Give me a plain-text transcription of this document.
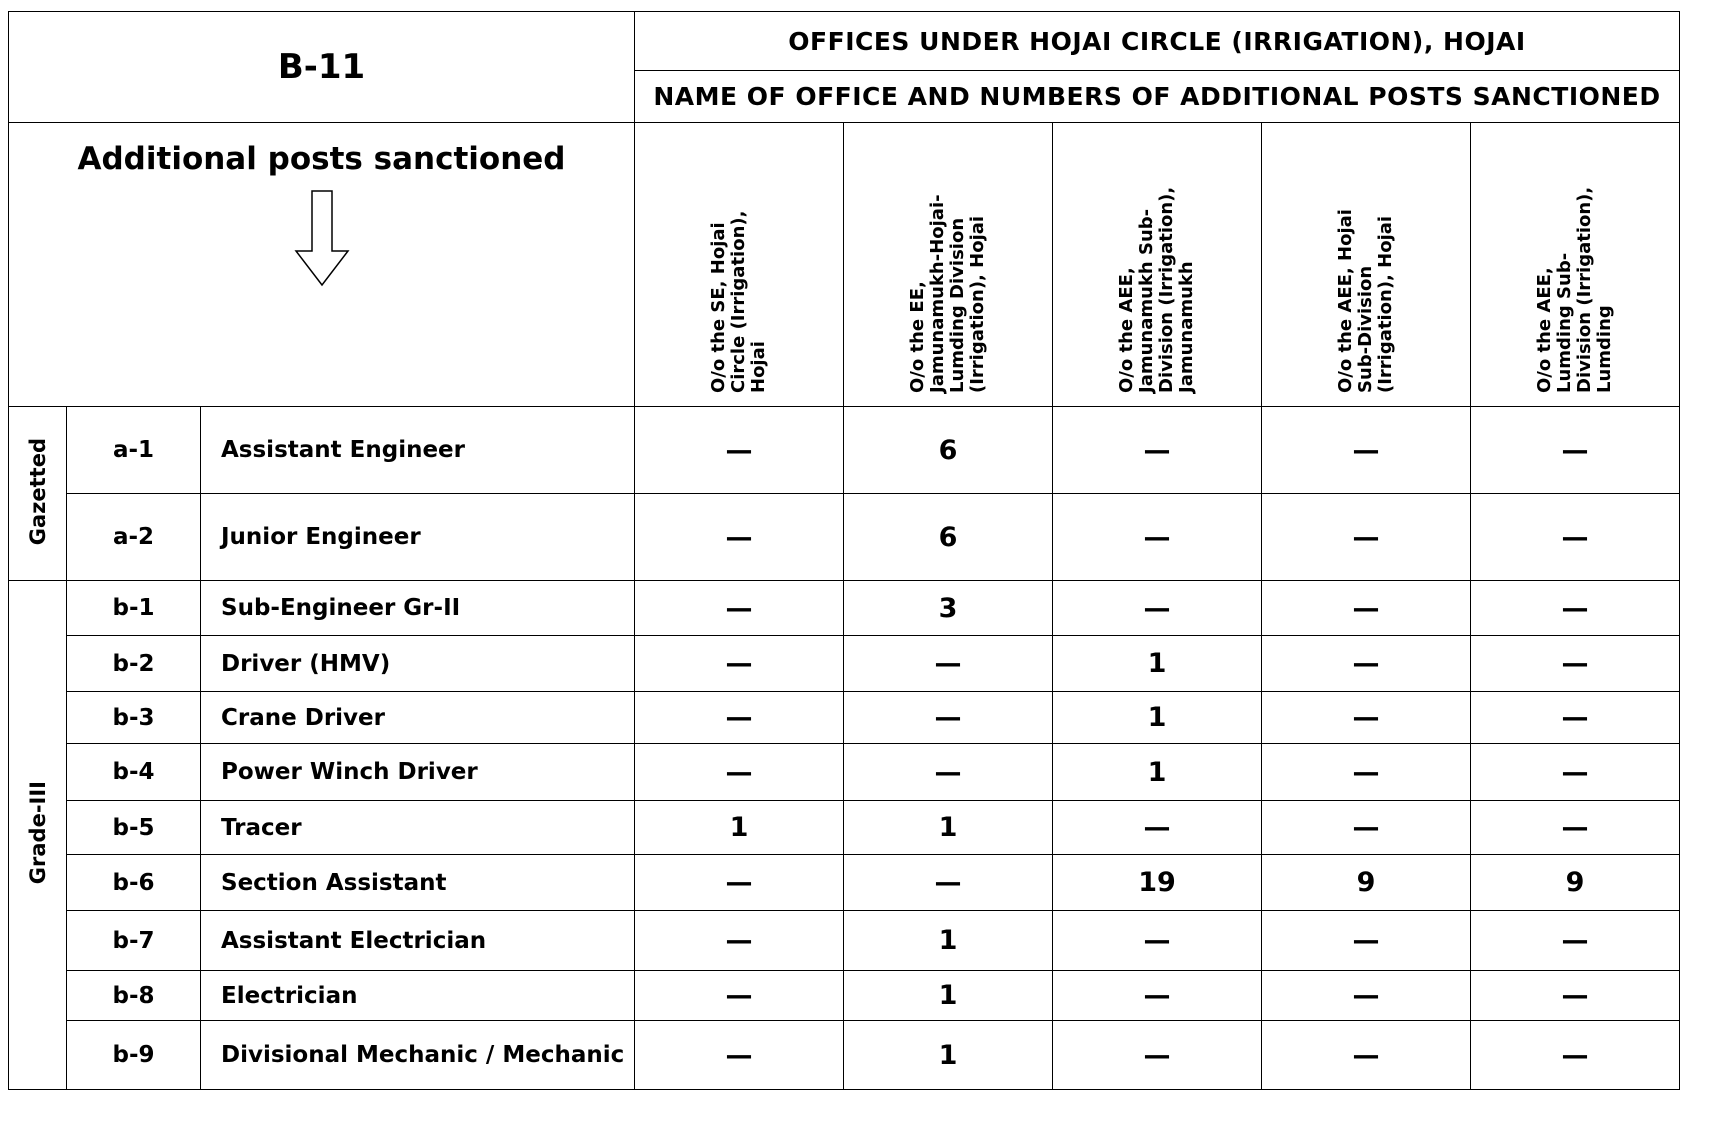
B-11			OFFICES UNDER HOJAI CIRCLE (IRRIGATION), HOJAI				
			NAME OF OFFICE AND NUMBERS OF ADDITIONAL POSTS SANCTIONED				

Additional posts sanctioned			O/o the SE, Hojai
Circle (Irrigation),
Hojai	O/o the EE,
Jamunamukh-Hojai-
Lumding Division
(Irrigation), Hojai	O/o the AEE,
Jamunamukh Sub-
Division (Irrigation),
Jamunamukh	O/o the AEE, Hojai
Sub-Division
(Irrigation), Hojai	O/o the AEE,
Lumding Sub-
Division (Irrigation),
Lumding
Gazetted	a-1	Assistant Engineer	—	6	—	—	—
	a-2	Junior Engineer	—	6	—	—	—
Grade-III	b-1	Sub-Engineer Gr-II	—	3	—	—	—
	b-2	Driver (HMV)	—	—	1	—	—
	b-3	Crane Driver	—	—	1	—	—
	b-4	Power Winch Driver	—	—	1	—	—
	b-5	Tracer	1	1	—	—	—
	b-6	Section Assistant	—	—	19	9	9
	b-7	Assistant Electrician	—	1	—	—	—
	b-8	Electrician	—	1	—	—	—
	b-9	Divisional Mechanic / Mechanic	—	1	—	—	—
